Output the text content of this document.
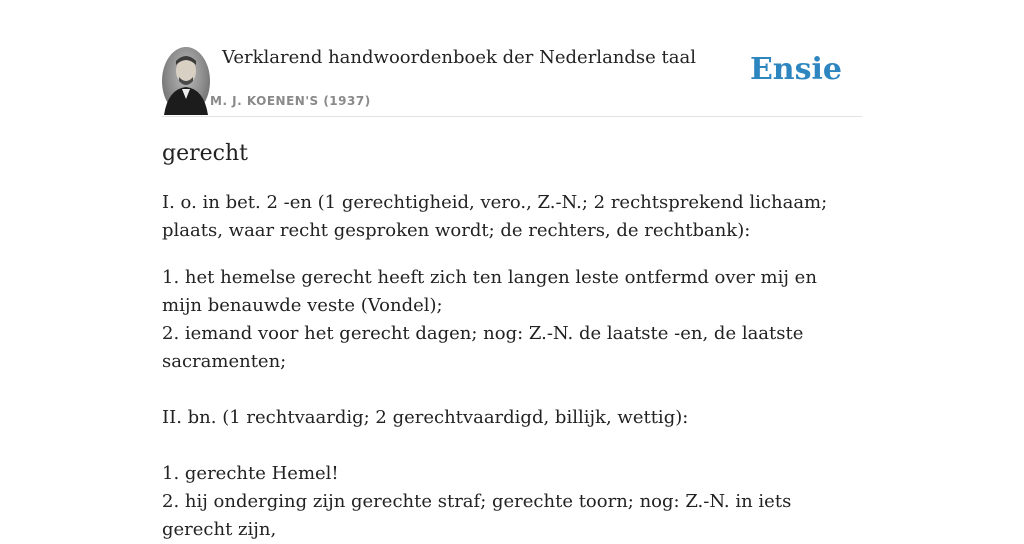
Verklarend handwoordenboek der Nederlandse taal
M. J. KOENEN'S (1937)
Ensie
gerecht

I. o. in bet. 2 -en (1 gerechtigheid, vero., Z.-N.; 2 rechtsprekend lichaam; plaats, waar recht gesproken wordt; de rechters, de rechtbank):

1. het hemelse gerecht heeft zich ten langen leste ontfermd over mij en mijn benauwde veste (Vondel);

2. iemand voor het gerecht dagen; nog: Z.-N. de laatste -en, de laatste sacramenten;

II. bn. (1 rechtvaardig; 2 gerechtvaardigd, billijk, wettig):

1. gerechte Hemel!

2. hij onderging zijn gerechte straf; gerechte toorn; nog: Z.-N. in iets gerecht zijn,
